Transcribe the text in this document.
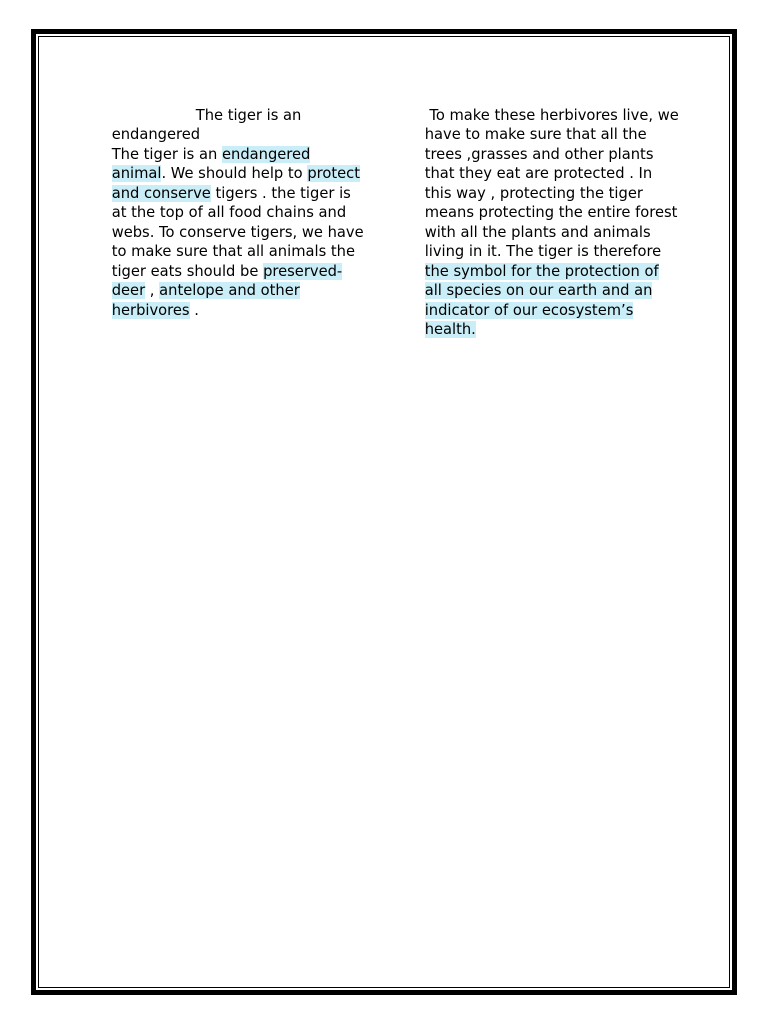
The tiger is an

endangered

The tiger is an endangered

animal. We should help to protect

and conserve tigers . the tiger is

at the top of all food chains and

webs. To conserve tigers, we have

to make sure that all animals the

tiger eats should be preserved-

deer , antelope and other

herbivores .

To make these herbivores live, we

have to make sure that all the

trees ,grasses and other plants

that they eat are protected . In

this way , protecting the tiger

means protecting the entire forest

with all the plants and animals

living in it. The tiger is therefore

the symbol for the protection of

all species on our earth and an

indicator of our ecosystem’s

health.
